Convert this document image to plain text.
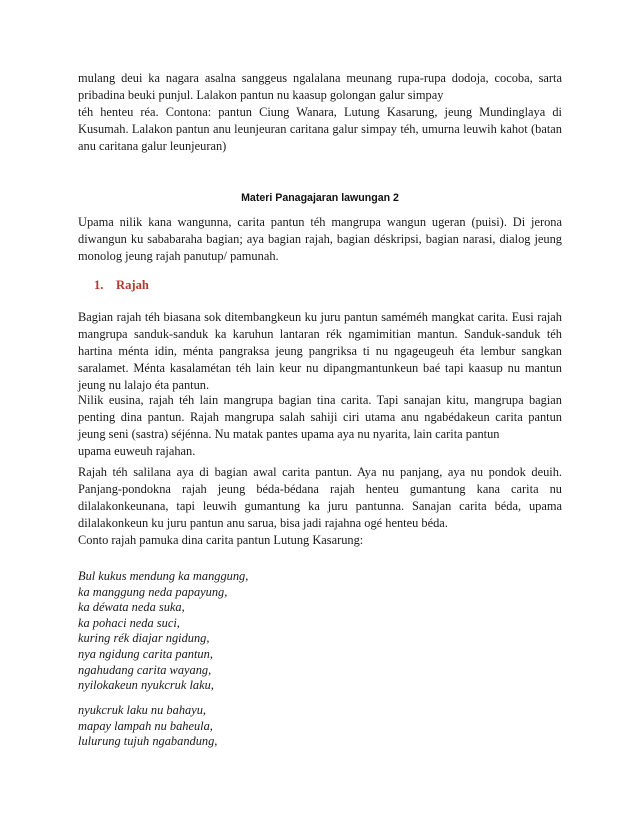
mulang deui ka nagara asalna sanggeus ngalalana meunang rupa-rupa dodoja, cocoba, sarta
pribadina beuki punjul. Lalakon pantun nu kaasup golongan galur simpay
téh henteu réa. Contona: pantun Ciung Wanara, Lutung Kasarung, jeung Mundinglaya di
Kusumah. Lalakon pantun anu leunjeuran caritana galur simpay téh, umurna leuwih kahot (batan
anu caritana galur leunjeuran)

Materi Panagajaran lawungan 2

Upama nilik kana wangunna, carita pantun téh mangrupa wangun ugeran (puisi). Di jerona diwangun ku sababaraha bagian; aya bagian rajah, bagian déskripsi, bagian narasi, dialog jeung monolog jeung rajah panutup/ pamunah.

1. Rajah

Bagian rajah téh biasana sok ditembangkeun ku juru pantun saméméh mangkat carita. Eusi rajah mangrupa sanduk-sanduk ka karuhun lantaran rék ngamimitian mantun. Sanduk-sanduk téh hartina ménta idin, ménta pangraksa jeung pangriksa ti nu ngageugeuh éta lembur sangkan saralamet. Ménta kasalamétan téh lain keur nu dipangmantunkeun baé tapi kaasup nu mantun jeung nu lalajo éta pantun.

Nilik eusina, rajah téh lain mangrupa bagian tina carita. Tapi sanajan kitu, mangrupa bagian penting dina pantun. Rajah mangrupa salah sahiji ciri utama anu ngabédakeun carita pantun jeung seni (sastra) séjénna. Nu matak pantes upama aya nu nyarita, lain carita pantun
upama euweuh rajahan.
Rajah téh salilana aya di bagian awal carita pantun. Aya nu panjang, aya nu pondok deuih. Panjang-pondokna rajah jeung béda-bédana rajah henteu gumantung kana carita nu dilalakonkeunana, tapi leuwih gumantung ka juru pantunna. Sanajan carita béda, upama dilalakonkeun ku juru pantun anu sarua, bisa jadi rajahna ogé henteu béda.
Conto rajah pamuka dina carita pantun Lutung Kasarung:
Bul kukus mendung ka manggung,
ka manggung neda papayung,
ka déwata neda suka,
ka pohaci neda suci,
kuring rék diajar ngidung,
nya ngidung carita pantun,
ngahudang carita wayang,
nyilokakeun nyukcruk laku,
nyukcruk laku nu bahayu,
mapay lampah nu baheula,
lulurung tujuh ngabandung,
